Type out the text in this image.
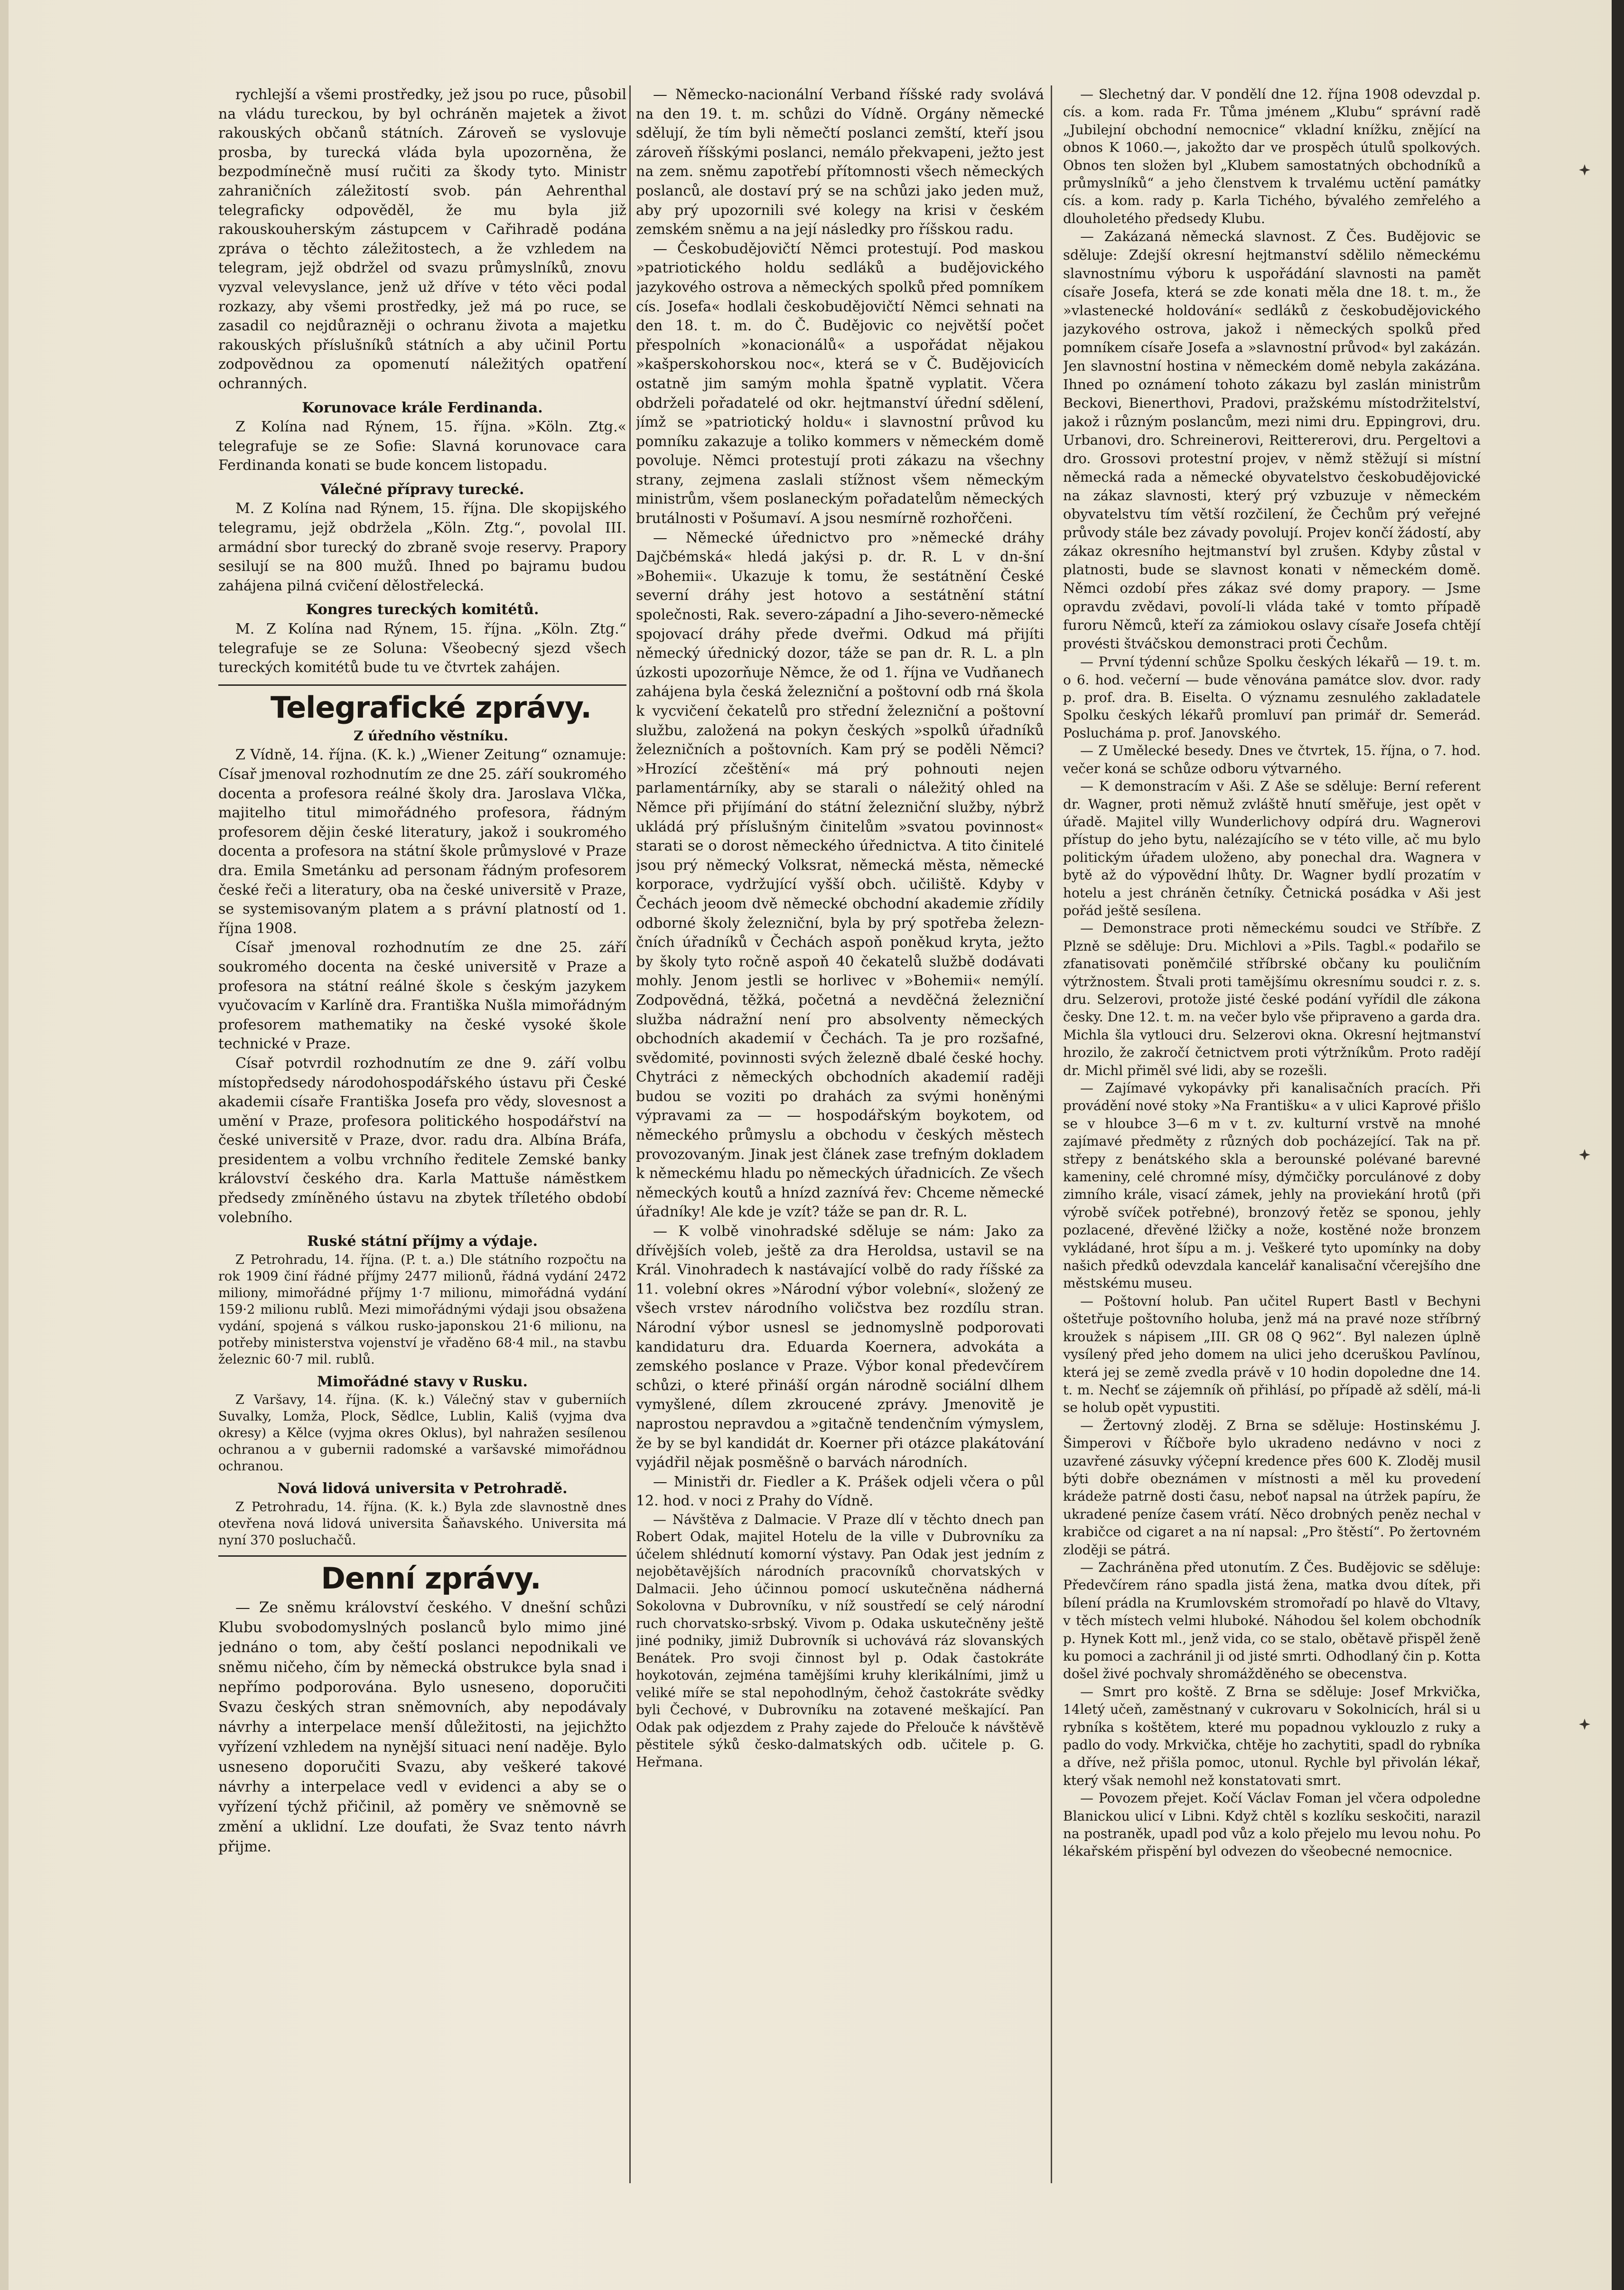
rychlejší a všemi prostředky, jež jsou po ruce, působil na vládu tureckou, by byl ochráněn majetek a život rakouských občanů státních. Zároveň se vyslovuje prosba, by turecká vláda byla upozorněna, že bezpodmínečně musí ručiti za škody tyto. Ministr zahraničních záležitostí svob. pán Aehrenthal telegraficky odpověděl, že mu byla již rakouskouherským zástupcem v Cařihradě podána zpráva o těchto záležitostech, a že vzhledem na telegram, jejž obdržel od svazu průmyslníků, znovu vyzval velevyslance, jenž už dříve v této věci podal rozkazy, aby všemi prostředky, jež má po ruce, se zasadil co nejdůrazněji o ochranu života a majetku rakouských příslušníků státních a aby učinil Portu zodpovědnou za opomenutí náležitých opatření ochranných.

Korunovace krále Ferdinanda.

Z Kolína nad Rýnem, 15. října. »Köln. Ztg.« telegrafuje se ze Sofie: Slavná korunovace cara Ferdinanda konati se bude koncem listopadu.

Válečné přípravy turecké.

M. Z Kolína nad Rýnem, 15. října. Dle skopijského telegramu, jejž obdržela „Köln. Ztg.“, povolal III. armádní sbor turecký do zbraně svoje reservy. Prapory sesilují se na 800 mužů. Ihned po bajramu budou zahájena pilná cvičení dělostřelecká.

Kongres tureckých komitétů.

M. Z Kolína nad Rýnem, 15. října. „Köln. Ztg.“ telegrafuje se ze Soluna: Všeobecný sjezd všech tureckých komitétů bude tu ve čtvrtek zahájen.

Telegrafické zprávy.

Z úředního věstníku.

Z Vídně, 14. října. (K. k.) „Wiener Zeitung“ oznamuje: Císař jmenoval rozhodnutím ze dne 25. září soukromého docenta a profesora reálné školy dra. Jaroslava Vlčka, majitelho titul mimořádného profesora, řádným profesorem dějin české literatury, jakož i soukromého docenta a profesora na státní škole průmyslové v Praze dra. Emila Smetánku ad personam řádným profesorem české řeči a literatury, oba na české universitě v Praze, se systemisovaným platem a s právní platností od 1. října 1908.

Císař jmenoval rozhodnutím ze dne 25. září soukromého docenta na české universitě v Praze a profesora na státní reálné škole s českým jazykem vyučovacím v Karlíně dra. Františka Nušla mimořádným profesorem mathematiky na české vysoké škole technické v Praze.

Císař potvrdil rozhodnutím ze dne 9. září volbu místopředsedy národohospodářského ústavu při České akademii císaře Františka Josefa pro vědy, slovesnost a umění v Praze, profesora politického hospodářství na české universitě v Praze, dvor. radu dra. Albína Bráfa, presidentem a volbu vrchního ředitele Zemské banky království českého dra. Karla Mattuše náměstkem předsedy zmíněného ústavu na zbytek tříletého období volebního.

Ruské státní příjmy a výdaje.

Z Petrohradu, 14. října. (P. t. a.) Dle státního rozpočtu na rok 1909 činí řádné příjmy 2477 milionů, řádná vydání 2472 miliony, mimořádné příjmy 1·7 milionu, mimořádná vydání 159·2 milionu rublů. Mezi mimořádnými výdaji jsou obsažena vydání, spojená s válkou rusko-japonskou 21·6 milionu, na potřeby ministerstva vojenství je vřaděno 68·4 mil., na stavbu železnic 60·7 mil. rublů.

Mimořádné stavy v Rusku.

Z Varšavy, 14. října. (K. k.) Válečný stav v guberniích Suvalky, Lomža, Plock, Sědlce, Lublin, Kališ (vyjma dva okresy) a Kělce (vyjma okres Oklus), byl nahražen sesílenou ochranou a v gubernii radomské a varšavské mimořádnou ochranou.

Nová lidová universita v Petrohradě.

Z Petrohradu, 14. října. (K. k.) Byla zde slavnostně dnes otevřena nová lidová universita Šaňavského. Universita má nyní 370 posluchačů.

Denní zprávy.

— Ze sněmu království českého. V dnešní schůzi Klubu svobodomyslných poslanců bylo mimo jiné jednáno o tom, aby čeští poslanci nepodnikali ve sněmu ničeho, čím by německá obstrukce byla snad i nepřímo podporována. Bylo usneseno, doporučiti Svazu českých stran sněmovních, aby nepodávaly návrhy a interpelace menší důležitosti, na jejichžto vyřízení vzhledem na nynější situaci není naděje. Bylo usneseno doporučiti Svazu, aby veškeré takové návrhy a interpelace vedl v evidenci a aby se o vyřízení týchž přičinil, až poměry ve sněmovně se změní a uklidní. Lze doufati, že Svaz tento návrh přijme.

— Německo-nacionální Verband říšské rady svolává na den 19. t. m. schůzi do Vídně. Orgány německé sdělují, že tím byli němečtí poslanci zemští, kteří jsou zároveň říšskými poslanci, nemálo překvapeni, ježto jest na zem. sněmu zapotřebí přítomnosti všech německých poslanců, ale dostaví prý se na schůzi jako jeden muž, aby prý upozornili své kolegy na krisi v českém zemském sněmu a na její následky pro říšskou radu.

— Českobudějovičtí Němci protestují. Pod maskou »patriotického holdu sedláků a budějovického jazykového ostrova a německých spolků před pomníkem cís. Josefa« hodlali českobudějovičtí Němci sehnati na den 18. t. m. do Č. Budějovic co největší počet přespolních »konacionálů« a uspořádat nějakou »kašperskohorskou noc«, která se v Č. Budějovicích ostatně jim samým mohla špatně vyplatit. Včera obdrželi pořadatelé od okr. hejtmanství úřední sdělení, jímž se »patriotický holdu« i slavnostní průvod ku pomníku zakazuje a toliko kommers v německém domě povoluje. Němci protestují proti zákazu na všechny strany, zejmena zaslali stížnost všem německým ministrům, všem poslaneckým pořadatelům německých brutálnosti v Pošumaví. A jsou nesmírně rozhořčeni.

— Německé úřednictvo pro »německé dráhy Dajčbémská« hledá jakýsi p. dr. R. L v dn-šní »Bohemii«. Ukazuje k tomu, že sestátnění České severní dráhy jest hotovo a sestátnění státní společnosti, Rak. severo-západní a Jiho-severo-německé spojovací dráhy přede dveřmi. Odkud má přijíti německý úřednický dozor, táže se pan dr. R. L. a pln úzkosti upozorňuje Němce, že od 1. října ve Vudňanech zahájena byla česká železniční a poštovní odb rná škola k vycvičení čekatelů pro střední železniční a poštovní službu, založená na pokyn českých »spolků úřadníků železničních a poštovních. Kam prý se poděli Němci? »Hrozící zčeštění« má prý pohnouti nejen parlamentárníky, aby se starali o náležitý ohled na Němce při přijímání do státní železniční služby, nýbrž ukládá prý příslušným činitelům »svatou povinnost« starati se o dorost německého úřednictva. A tito činitelé jsou prý německý Volksrat, německá města, německé korporace, vydržující vyšší obch. učiliště. Kdyby v Čechách jeoom dvě německé obchodní akademie zřídily odborné školy železniční, byla by prý spotřeba železn-čních úřadníků v Čechách aspoň poněkud kryta, ježto by školy tyto ročně aspoň 40 čekatelů službě dodávati mohly. Jenom jestli se horlivec v »Bohemii« nemýlí. Zodpovědná, těžká, početná a nevděčná železniční služba nádražní není pro absolventy německých obchodních akademií v Čechách. Ta je pro rozšafné, svědomité, povinnosti svých železně dbalé české hochy. Chytráci z německých obchodních akademií raději budou se voziti po drahách za svými honěnými výpravami za — — hospodářským boykotem, od německého průmyslu a obchodu v českých městech provozovaným. Jinak jest článek zase trefným dokladem k německému hladu po německých úřadnicích. Ze všech německých koutů a hnízd zaznívá řev: Chceme německé úřadníky! Ale kde je vzít? táže se pan dr. R. L.

— K volbě vinohradské sděluje se nám: Jako za dřívějších voleb, ještě za dra Heroldsa, ustavil se na Král. Vinohradech k nastávající volbě do rady říšské za 11. volební okres »Národní výbor volební«, složený ze všech vrstev národního voličstva bez rozdílu stran. Národní výbor usnesl se jednomyslně podporovati kandidaturu dra. Eduarda Koernera, advokáta a zemského poslance v Praze. Výbor konal předevčírem schůzi, o které přináší orgán národně sociální dlhem vymyšlené, dílem zkroucené zprávy. Jmenovitě je naprostou nepravdou a »gitačně tendenčním výmyslem, že by se byl kandidát dr. Koerner při otázce plakátování vyjádřil nějak posměšně o barvách národních.

— Ministři dr. Fiedler a K. Prášek odjeli včera o půl 12. hod. v noci z Prahy do Vídně.

— Návštěva z Dalmacie. V Praze dlí v těchto dnech pan Robert Odak, majitel Hotelu de la ville v Dubrovníku za účelem shlédnutí komorní výstavy. Pan Odak jest jedním z nejobětavějších národních pracovníků chorvatských v Dalmacii. Jeho účinnou pomocí uskutečněna nádherná Sokolovna v Dubrovníku, v níž soustředí se celý národní ruch chorvatsko-srbský. Vivom p. Odaka uskutečněny ještě jiné podniky, jimiž Dubrovník si uchovává ráz slovanských Benátek. Pro svoji činnost byl p. Odak častokráte hoykotován, zejména tamějšími kruhy klerikálními, jimž u veliké míře se stal nepohodlným, čehož častokráte svědky byli Čechové, v Dubrovníku na zotavené meškající. Pan Odak pak odjezdem z Prahy zajede do Přelouče k návštěvě pěstitele sýků česko-dalmatských odb. učitele p. G. Heřmana.

— Slechetný dar. V pondělí dne 12. října 1908 odevzdal p. cís. a kom. rada Fr. Tůma jménem „Klubu“ správní radě „Jubilejní obchodní nemocnice“ vkladní knížku, znějící na obnos K 1060.—, jakožto dar ve prospěch útulů spolkových. Obnos ten složen byl „Klubem samostatných obchodníků a průmyslníků“ a jeho členstvem k trvalému uctění památky cís. a kom. rady p. Karla Tichého, bývalého zemřelého a dlouholetého předsedy Klubu.

— Zakázaná německá slavnost. Z Čes. Budějovic se sděluje: Zdejší okresní hejtmanství sdělilo německému slavnostnímu výboru k uspořádání slavnosti na pamět císaře Josefa, která se zde konati měla dne 18. t. m., že »vlastenecké holdování« sedláků z českobudějovického jazykového ostrova, jakož i německých spolků před pomníkem císaře Josefa a »slavnostní průvod« byl zakázán. Jen slavnostní hostina v německém domě nebyla zakázána. Ihned po oznámení tohoto zákazu byl zaslán ministrům Beckovi, Bienerthovi, Pradovi, pražskému místodržitelství, jakož i různým poslancům, mezi nimi dru. Eppingrovi, dru. Urbanovi, dro. Schreinerovi, Reittererovi, dru. Pergeltovi a dro. Grossovi protestní projev, v němž stěžují si místní německá rada a německé obyvatelstvo českobudějovické na zákaz slavnosti, který prý vzbuzuje v německém obyvatelstvu tím větší rozčilení, že Čechům prý veřejné průvody stále bez závady povolují. Projev končí žádostí, aby zákaz okresního hejtmanství byl zrušen. Kdyby zůstal v platnosti, bude se slavnost konati v německém domě. Němci ozdobí přes zákaz své domy prapory. — Jsme opravdu zvědavi, povolí-li vláda také v tomto případě furoru Němců, kteří za zámiokou oslavy císaře Josefa chtějí provésti štváčskou demonstraci proti Čechům.

— První týdenní schůze Spolku českých lékařů — 19. t. m. o 6. hod. večerní — bude věnována památce slov. dvor. rady p. prof. dra. B. Eiselta. O významu zesnulého zakladatele Spolku českých lékařů promluví pan primář dr. Semerád. Poslucháma p. prof. Janovského.

— Z Umělecké besedy. Dnes ve čtvrtek, 15. října, o 7. hod. večer koná se schůze odboru výtvarného.

— K demonstracím v Aši. Z Aše se sděluje: Berní referent dr. Wagner, proti němuž zvláště hnutí směřuje, jest opět v úřadě. Majitel villy Wunderlichovy odpírá dru. Wagnerovi přístup do jeho bytu, nalézajícího se v této ville, ač mu bylo politickým úřadem uloženo, aby ponechal dra. Wagnera v bytě až do výpovědní lhůty. Dr. Wagner bydlí prozatím v hotelu a jest chráněn četníky. Četnická posádka v Aši jest pořád ještě sesílena.

— Demonstrace proti německému soudci ve Stříbře. Z Plzně se sděluje: Dru. Michlovi a »Pils. Tagbl.« podařilo se zfanatisovati poněmčilé stříbrské občany ku pouličním výtržnostem. Štvali proti tamějšímu okresnímu soudci r. z. s. dru. Selzerovi, protože jisté české podání vyřídil dle zákona česky. Dne 12. t. m. na večer bylo vše připraveno a garda dra. Michla šla vytlouci dru. Selzerovi okna. Okresní hejtmanství hrozilo, že zakročí četnictvem proti výtržníkům. Proto radějí dr. Michl přiměl své lidi, aby se rozešli.

— Zajímavé vykopávky při kanalisačních pracích. Při provádění nové stoky »Na Františku« a v ulici Kaprové přišlo se v hloubce 3—6 m v t. zv. kulturní vrstvě na mnohé zajímavé předměty z různých dob pocházející. Tak na př. střepy z benátského skla a berounské polévané barevné kameniny, celé chromné mísy, dýmčičky porculánové z doby zimního krále, visací zámek, jehly na proviekání hrotů (při výrobě svíček potřebné), bronzový řetěz se sponou, jehly pozlacené, dřevěné lžičky a nože, kostěné nože bronzem vykládané, hrot šípu a m. j. Veškeré tyto upomínky na doby našich předků odevzdala kancelář kanalisační včerejšího dne městskému museu.

— Poštovní holub. Pan učitel Rupert Bastl v Bechyni oštetřuje poštovního holuba, jenž má na pravé noze stříbrný kroužek s nápisem „III. GR 08 Q 962“. Byl nalezen úplně vysílený před jeho domem na ulici jeho dceruškou Pavlínou, která jej se země zvedla právě v 10 hodin dopoledne dne 14. t. m. Nechť se zájemník oň přihlásí, po případě až sdělí, má-li se holub opět vypustiti.

— Žertovný zloděj. Z Brna se sděluje: Hostinskému J. Šimperovi v Říčboře bylo ukradeno nedávno v noci z uzavřené zásuvky výčepní kredence přes 600 K. Zloděj musil býti dobře obeznámen v místnosti a měl ku provedení krádeže patrně dosti času, neboť napsal na útržek papíru, že ukradené peníze časem vrátí. Něco drobných peněz nechal v krabičce od cigaret a na ní napsal: „Pro štěstí“. Po žertovném zloději se pátrá.

— Zachráněna před utonutím. Z Čes. Budějovic se sděluje: Předevčírem ráno spadla jistá žena, matka dvou dítek, při bílení prádla na Krumlovském stromořadí po hlavě do Vltavy, v těch místech velmi hluboké. Náhodou šel kolem obchodník p. Hynek Kott ml., jenž vida, co se stalo, obětavě přispěl ženě ku pomoci a zachránil ji od jisté smrti. Odhodlaný čin p. Kotta došel živé pochvaly shromážděného se obecenstva.

— Smrt pro koště. Z Brna se sděluje: Josef Mrkvička, 14letý učeň, zaměstnaný v cukrovaru v Sokolnicích, hrál si u rybníka s koštětem, které mu popadnou vyklouzlo z ruky a padlo do vody. Mrkvička, chtěje ho zachytiti, spadl do rybníka a dříve, než přišla pomoc, utonul. Rychle byl přivolán lékař, který však nemohl než konstatovati smrt.

— Povozem přejet. Kočí Václav Foman jel včera odpoledne Blanickou ulicí v Libni. Když chtěl s kozlíku seskočiti, narazil na postraněk, upadl pod vůz a kolo přejelo mu levou nohu. Po lékařském přispění byl odvezen do všeobecné nemocnice.
